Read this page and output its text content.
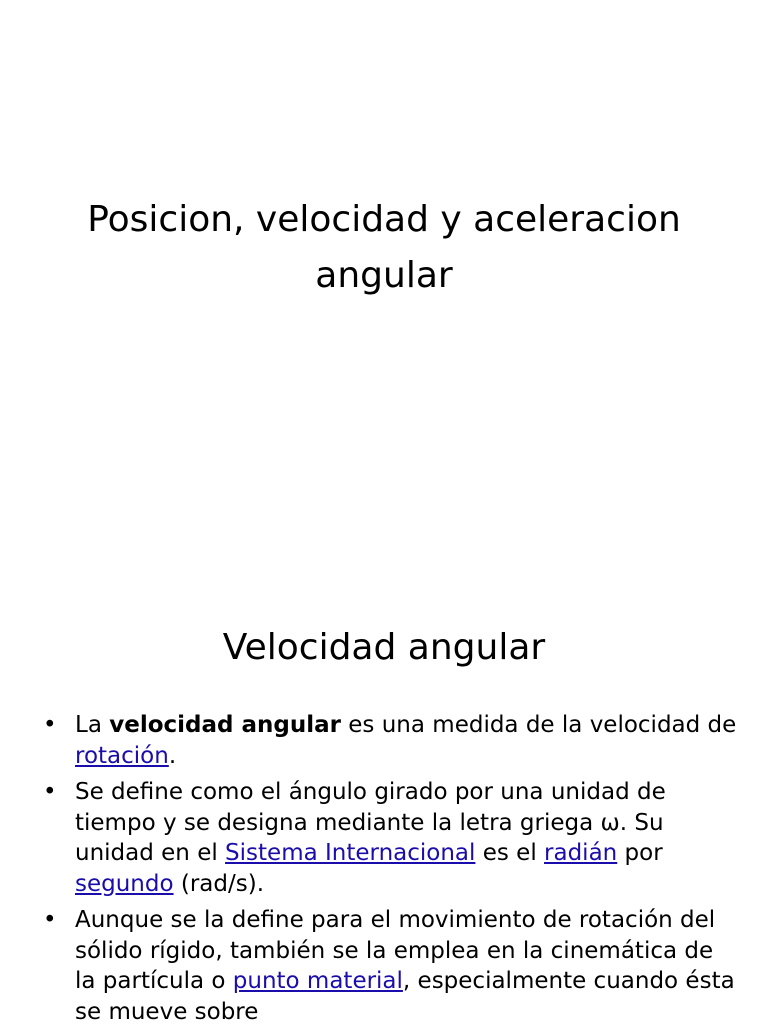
Posicion, velocidad y aceleracion angular
Velocidad angular
• La velocidad angular es una medida de la velocidad de rotación.
• Se define como el ángulo girado por una unidad de tiempo y se designa mediante la letra griega ω. Su unidad en el Sistema Internacional es el radián por segundo (rad/s).
• Aunque se la define para el movimiento de rotación del sólido rígido, también se la emplea en la cinemática de la partícula o punto material, especialmente cuando ésta se mueve sobre
